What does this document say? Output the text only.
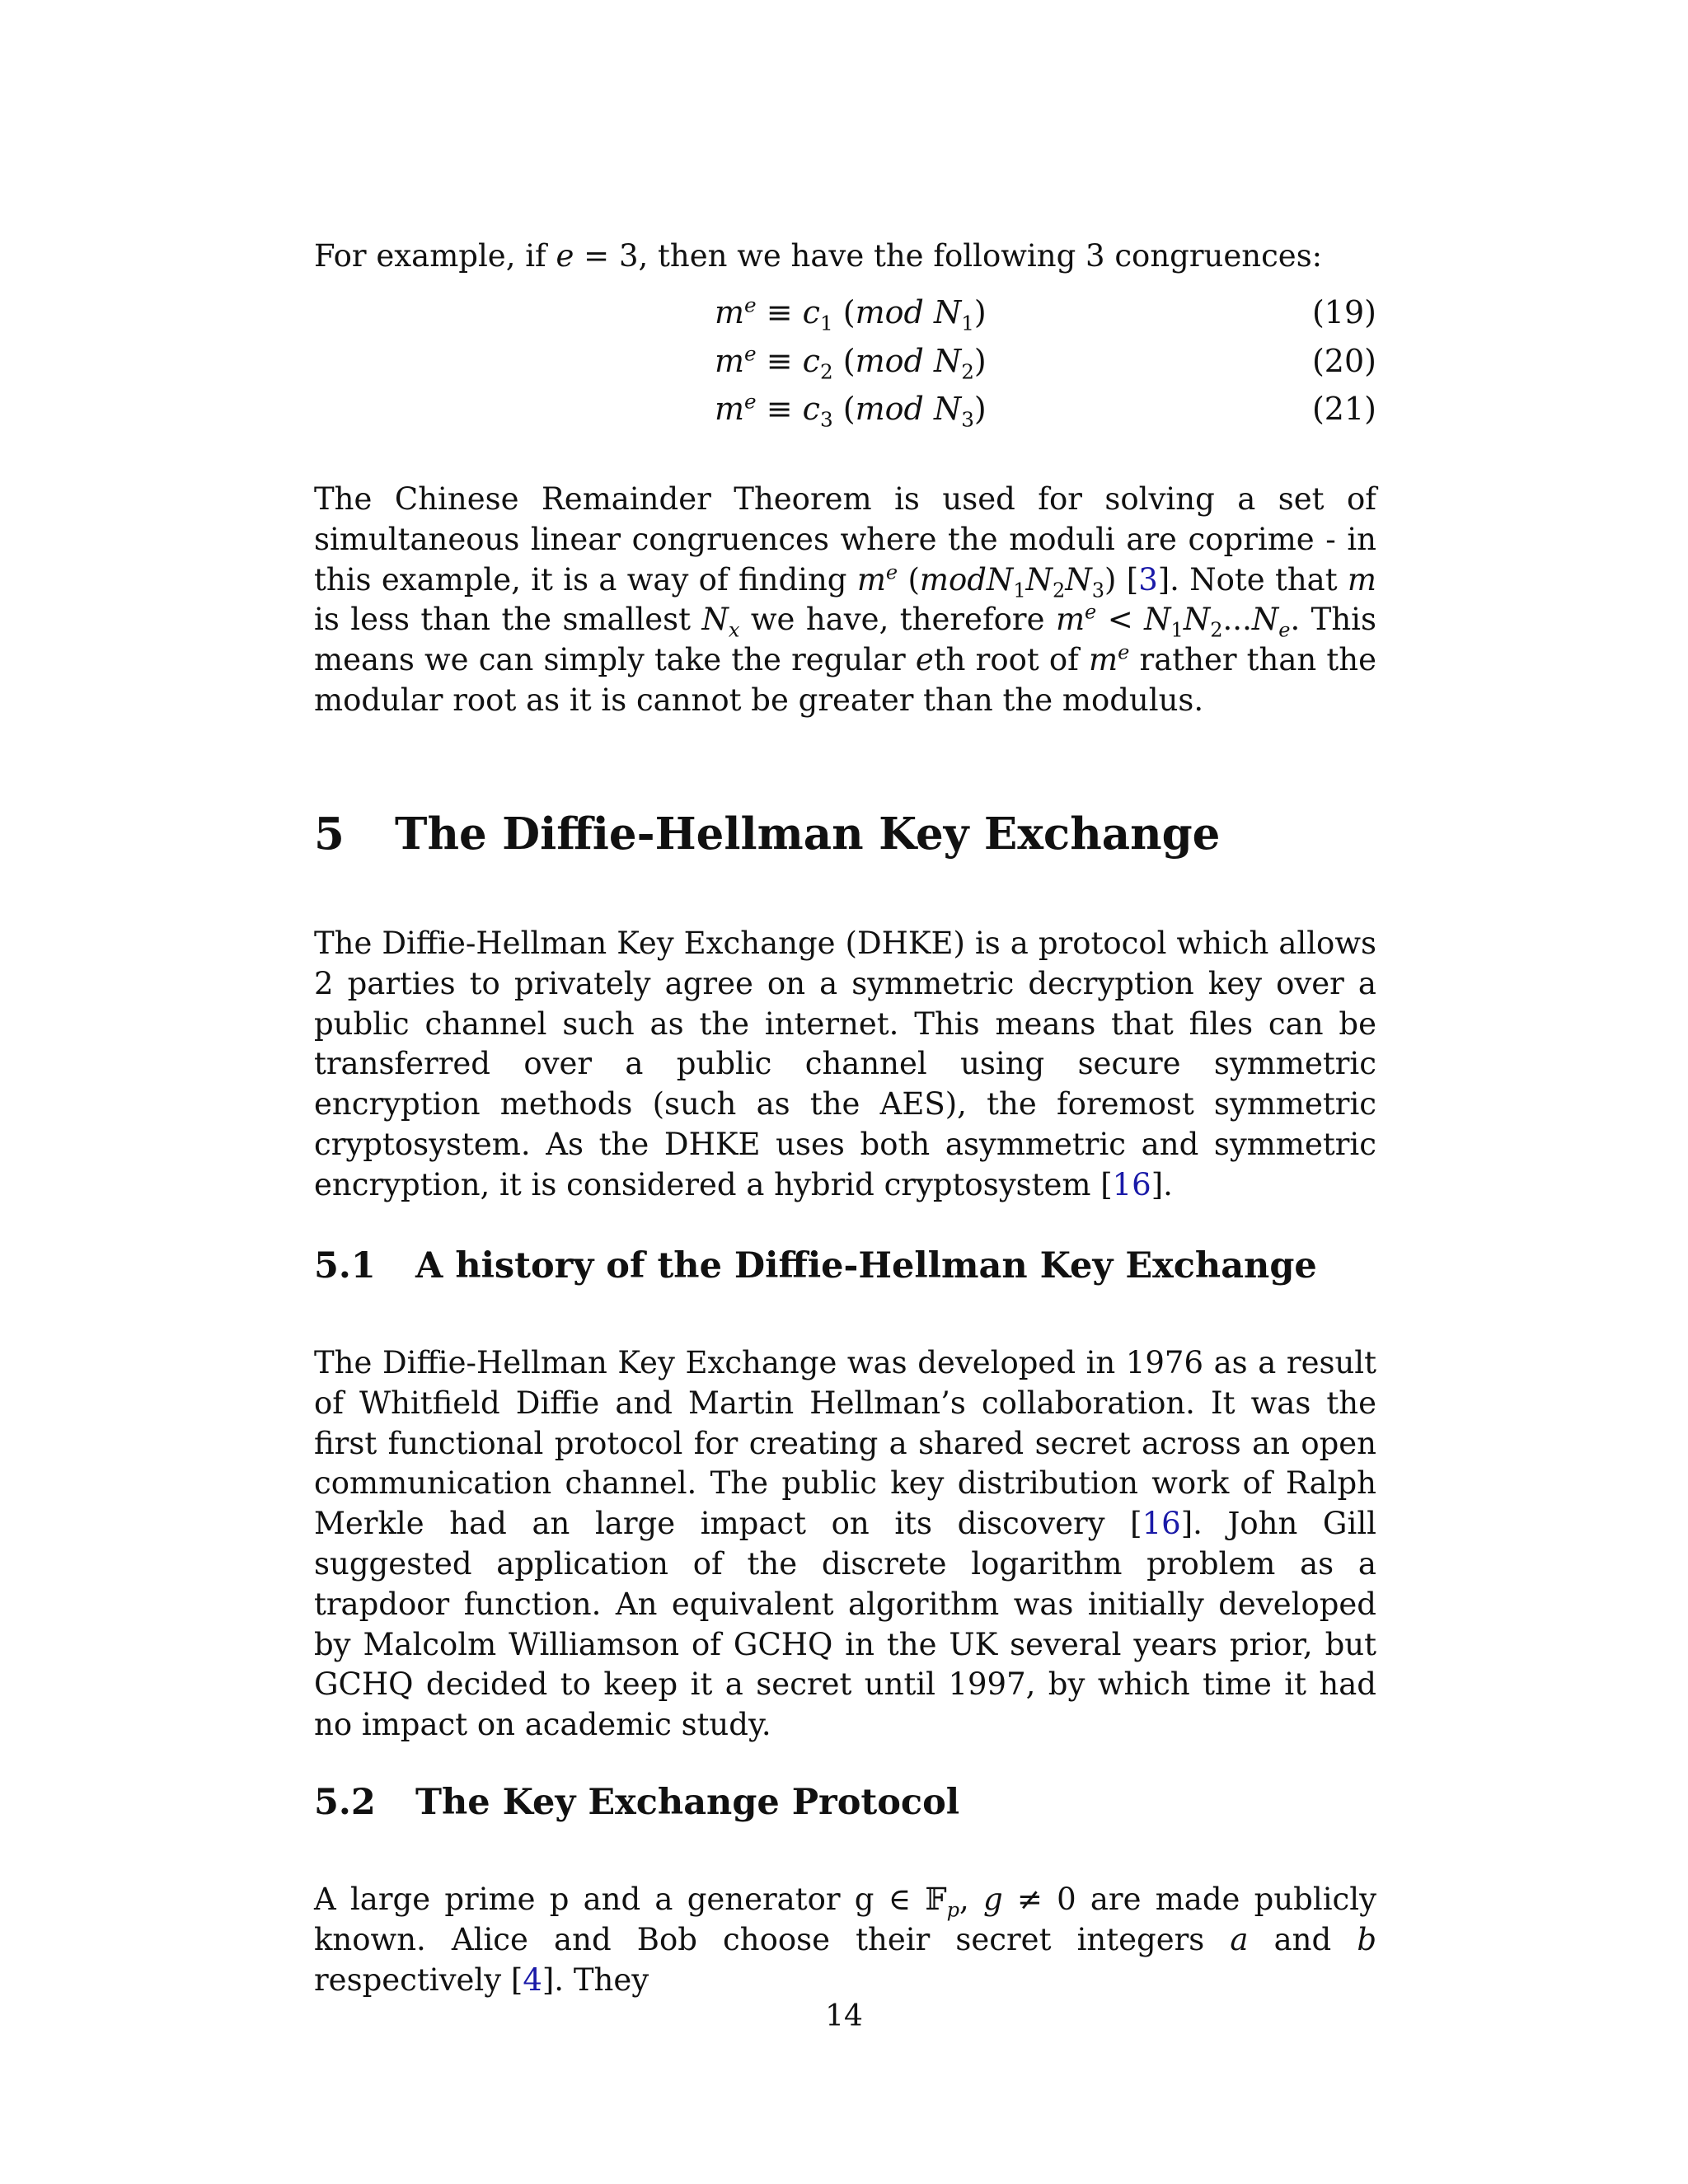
For example, if e = 3, then we have the following 3 congruences:

$m^e \equiv c_1$ (mod $N_1$)	(19)
$m^e \equiv c_2$ (mod $N_2$)	(20)
$m^e \equiv c_3$ (mod $N_3$)	(21)

The Chinese Remainder Theorem is used for solving a set of simultaneous linear congruences where the moduli are coprime - in this example, it is a way of finding $m^e$ $(modN_1N_2N_3)$ [3]. Note that m is less than the smallest $N_x$ we have, therefore $m^e < N_1N_2...N_e$. This means we can simply take the regular eth root of $m^e$ rather than the modular root as it is cannot be greater than the modulus.

5 The Diffie-Hellman Key Exchange

The Diffie-Hellman Key Exchange (DHKE) is a protocol which allows 2 parties to privately agree on a symmetric decryption key over a public channel such as the internet. This means that files can be transferred over a public channel using secure symmetric encryption methods (such as the AES), the foremost symmetric cryptosystem. As the DHKE uses both asymmetric and symmetric encryption, it is considered a hybrid cryptosystem [16].

5.1 A history of the Diffie-Hellman Key Exchange

The Diffie-Hellman Key Exchange was developed in 1976 as a result of Whitfield Diffie and Martin Hellman’s collaboration. It was the first functional protocol for creating a shared secret across an open communication channel. The public key distribution work of Ralph Merkle had an large impact on its discovery [16]. John Gill suggested application of the discrete logarithm problem as a trapdoor function. An equivalent algorithm was initially developed by Malcolm Williamson of GCHQ in the UK several years prior, but GCHQ decided to keep it a secret until 1997, by which time it had no impact on academic study.

5.2 The Key Exchange Protocol

A large prime p and a generator g ∈ 𝔽$_p$, g ≠ 0 are made publicly known. Alice and Bob choose their secret integers a and b respectively [4]. They

14
